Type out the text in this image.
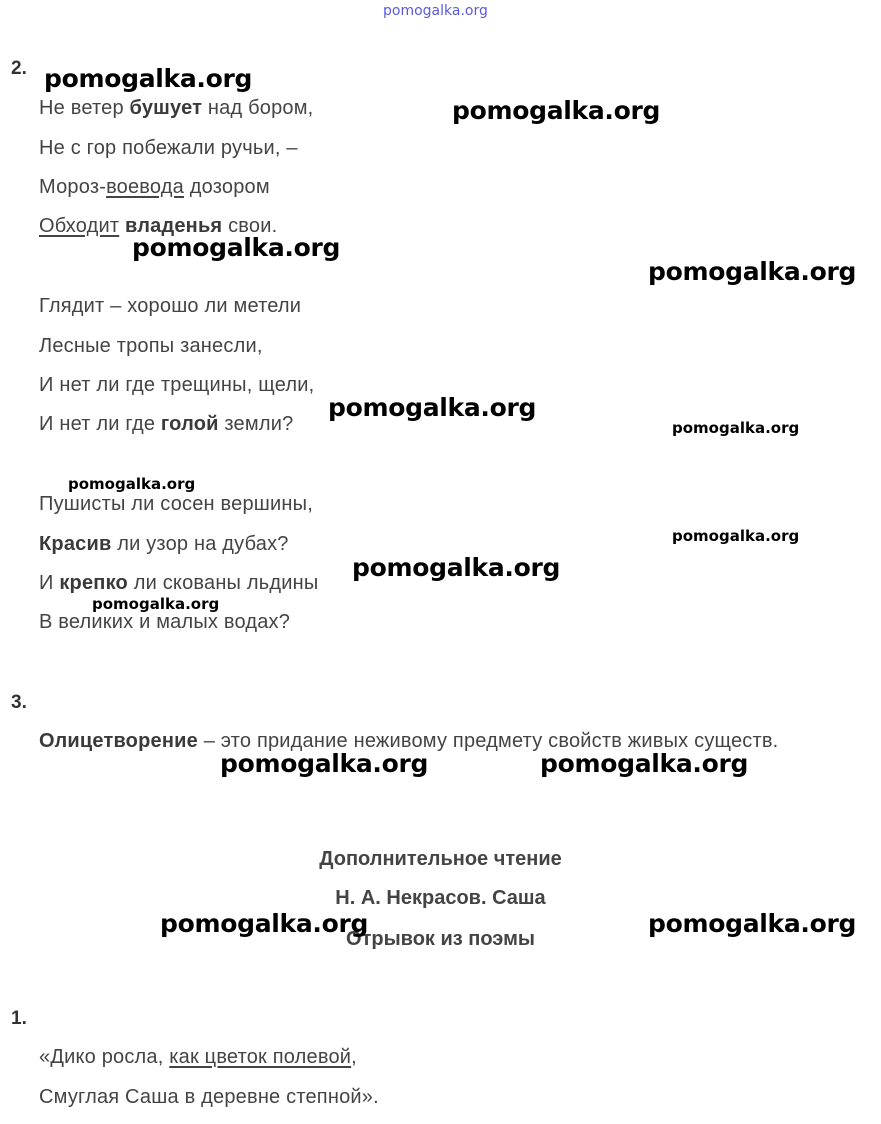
pomogalka.org
2.
Не ветер бушует над бором,
Не с гор побежали ручьи, –
Мороз-воевода дозором
Обходит владенья свои.
Глядит – хорошо ли метели
Лесные тропы занесли,
И нет ли где трещины, щели,
И нет ли где голой земли?
Пушисты ли сосен вершины,
Красив ли узор на дубах?
И крепко ли скованы льдины
В великих и малых водах?
3.
Олицетворение – это придание неживому предмету свойств живых существ.
Дополнительное чтение
Н. А. Некрасов. Саша
Отрывок из поэмы
1.
«Дико росла, как цветок полевой,
Смуглая Саша в деревне степной».
pomogalka.org
pomogalka.org
pomogalka.org
pomogalka.org
pomogalka.org
pomogalka.org
pomogalka.org
pomogalka.org
pomogalka.org
pomogalka.org
pomogalka.org	pomogalka.org
pomogalka.org	pomogalka.org
